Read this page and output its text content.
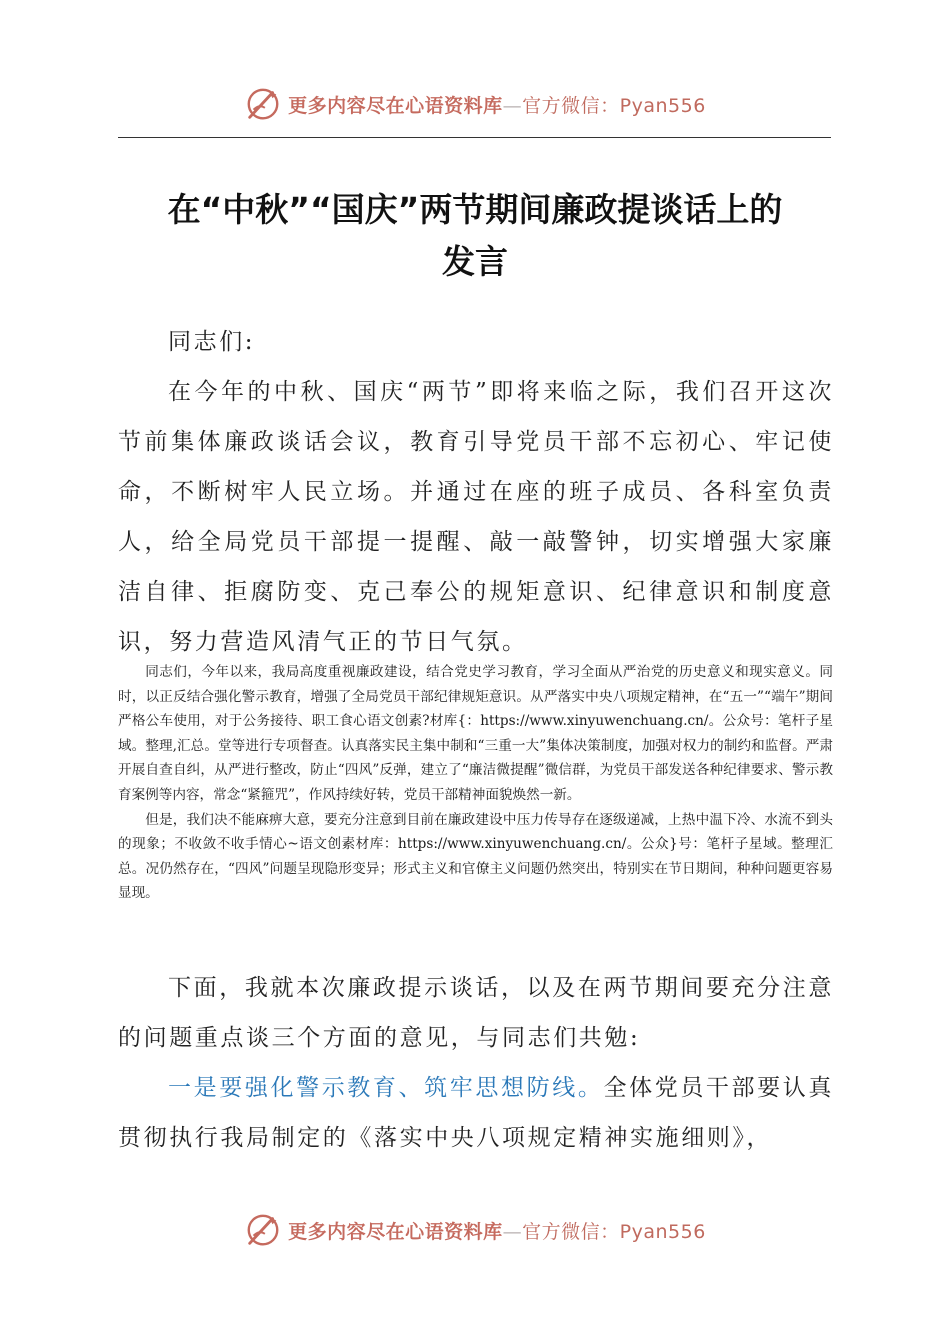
更多内容尽在心语资料库—官方微信：Pyan556
在“中秋”“国庆”两节期间廉政提谈话上的
发言

同志们:

在今年的中秋、国庆“两节”即将来临之际，我们召开这次节前集体廉政谈话会议，教育引导党员干部不忘初心、牢记使命，不断树牢人民立场。并通过在座的班子成员、各科室负责人，给全局党员干部提一提醒、敲一敲警钟，切实增强大家廉洁自律、拒腐防变、克己奉公的规矩意识、纪律意识和制度意识，努力营造风清气正的节日气氛。

同志们，今年以来，我局高度重视廉政建设，结合党史学习教育，学习全面从严治党的历史意义和现实意义。同时，以正反结合强化警示教育，增强了全局党员干部纪律规矩意识。从严落实中央八项规定精神，在“五一”“端午”期间严格公车使用，对于公务接待、职工食心语文创素?材库{：https://www.xinyuwenchuang.cn/。公众号：笔杆子星域。整理,汇总。堂等进行专项督查。认真落实民主集中制和“三重一大”集体决策制度，加强对权力的制约和监督。严肃开展自查自纠，从严进行整改，防止“四风”反弹，建立了“廉洁微提醒”微信群，为党员干部发送各种纪律要求、警示教育案例等内容，常念“紧箍咒”，作风持续好转，党员干部精神面貌焕然一新。

但是，我们决不能麻痹大意，要充分注意到目前在廉政建设中压力传导存在逐级递减，上热中温下冷、水流不到头的现象；不收敛不收手情心~语文创素材库：https://www.xinyuwenchuang.cn/。公众}号：笔杆子星域。整理汇总。况仍然存在，“四风”问题呈现隐形变异；形式主义和官僚主义问题仍然突出，特别实在节日期间，种种问题更容易显现。

下面，我就本次廉政提示谈话，以及在两节期间要充分注意的问题重点谈三个方面的意见，与同志们共勉:

一是要强化警示教育、筑牢思想防线。全体党员干部要认真贯彻执行我局制定的《落实中央八项规定精神实施细则》，

更多内容尽在心语资料库—官方微信：Pyan556
